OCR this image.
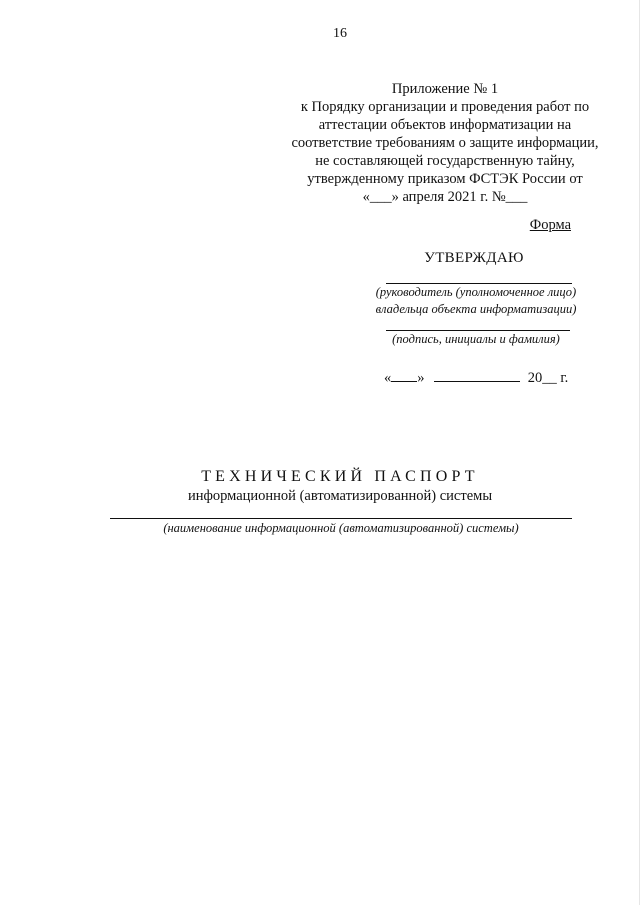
16
Приложение № 1
к Порядку организации и проведения работ по
аттестации объектов информатизации на
соответствие требованиям о защите информации,
не составляющей государственную тайну,
утвержденному приказом ФСТЭК России от
«___» апреля 2021 г. №___
Форма
УТВЕРЖДАЮ
(руководитель (уполномоченное лицо)
владельца объекта информатизации)
(подпись, инициалы и фамилия)
« »	20__ г.
ТЕХНИЧЕСКИЙ ПАСПОРТ
информационной (автоматизированной) системы
(наименование информационной (автоматизированной) системы)
